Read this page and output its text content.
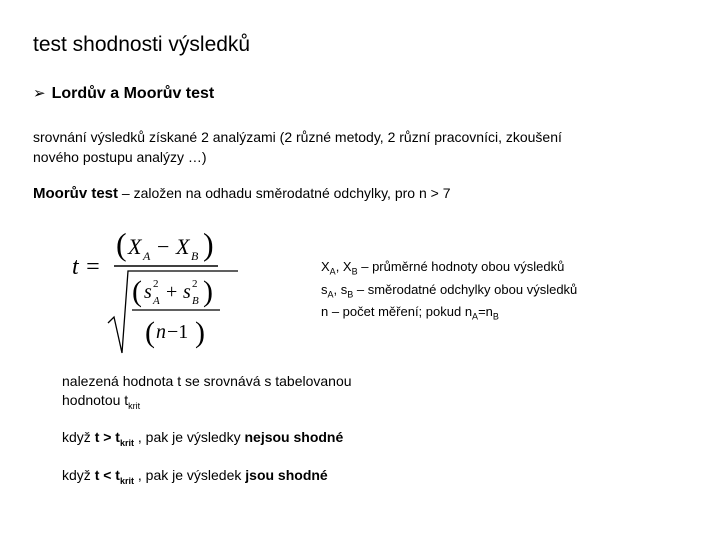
test shodnosti výsledků
➢ Lordův a Moorův test
srovnání výsledků získané 2 analýzami (2 různé metody, 2 různí pracovníci, zkoušení
nového postupu analýzy …)
Moorův test – založen na odhadu směrodatné odchylky, pro n > 7
t =
( X A − X B )
( s 2
A + s 2
B )
( n −1 )
$X_A$, $X_B$ – průměrné hodnoty obou výsledků
$s_A$, $s_B$ – směrodatné odchylky obou výsledků
n – počet měření; pokud $n_A=n_B$
nalezená hodnota t se srovnává s tabelovanou
hodnotou $t_{krit}$
když $t > t_{krit}$ , pak je výsledky nejsou shodné
když $t < t_{krit}$ , pak je výsledek jsou shodné
